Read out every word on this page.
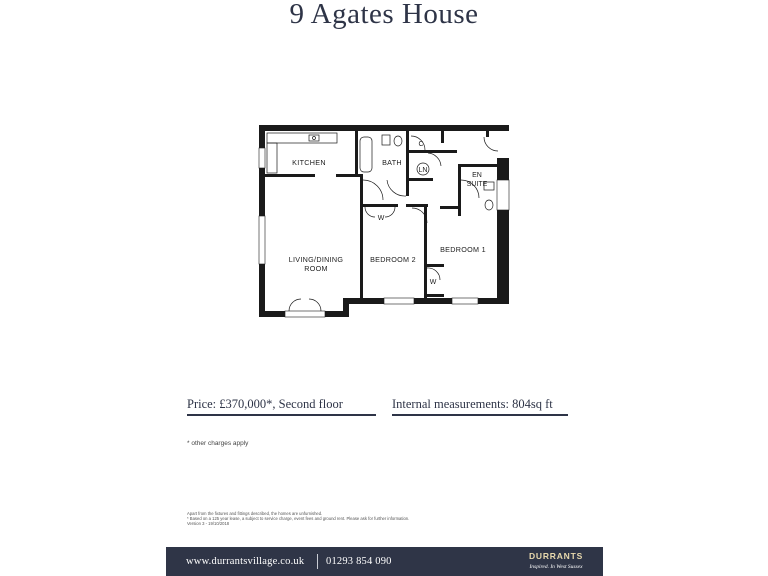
9 Agates House
KITCHEN	BATH
C
LN
EN
SUITE
W
W
LIVING/DINING
ROOM
BEDROOM 2
BEDROOM 1
Price: £370,000*, Second floor	Internal measurements: 804sq ft
* other charges apply
Apart from the fixtures and fittings described, the homes are unfurnished.
* Based on a 125 year lease, a subject to service charge, event fees and ground rent. Please ask for further information.
Version 3 - 19/10/2018
www.durrantsvillage.co.uk 01293 854 090	DURRANTS
Inspired. In West Sussex
